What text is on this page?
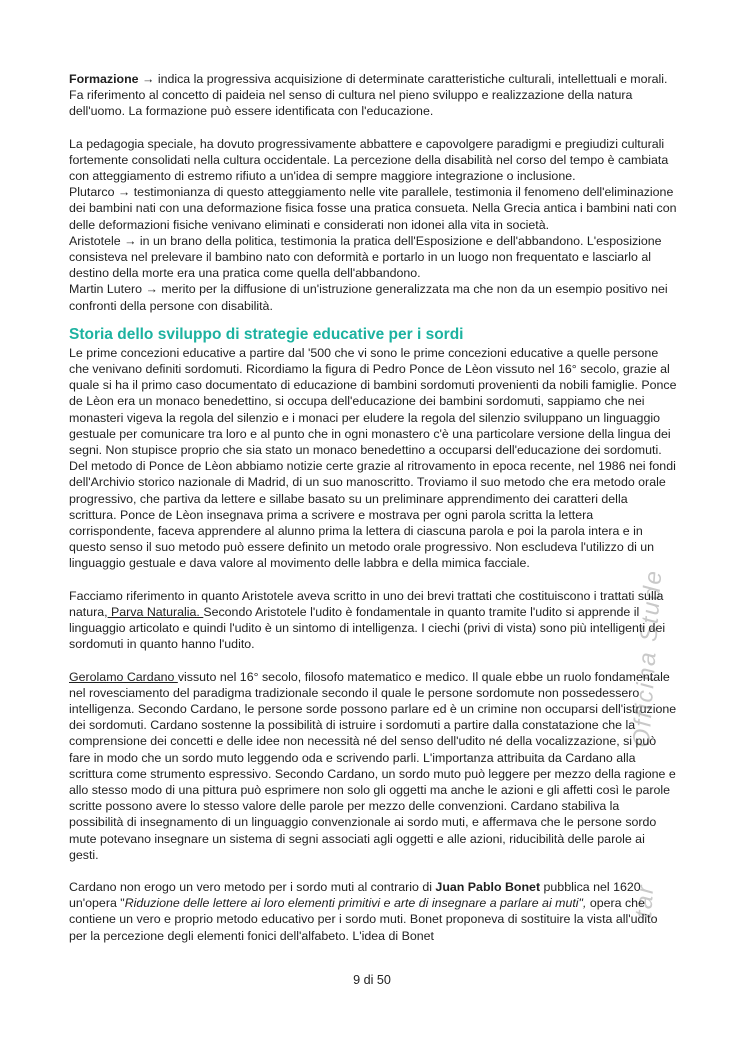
Officina Stude
tar

Formazione → indica la progressiva acquisizione di determinate caratteristiche culturali, intellettuali e morali. Fa riferimento al concetto di paideia nel senso di cultura nel pieno sviluppo e realizzazione della natura dell'uomo. La formazione può essere identificata con l'educazione.

La pedagogia speciale, ha dovuto progressivamente abbattere e capovolgere paradigmi e pregiudizi culturali fortemente consolidati nella cultura occidentale. La percezione della disabilità nel corso del tempo è cambiata con atteggiamento di estremo rifiuto a un'idea di sempre maggiore integrazione o inclusione.

Plutarco → testimonianza di questo atteggiamento nelle vite parallele, testimonia il fenomeno dell'eliminazione dei bambini nati con una deformazione fisica fosse una pratica consueta. Nella Grecia antica i bambini nati con delle deformazioni fisiche venivano eliminati e considerati non idonei alla vita in società.

Aristotele → in un brano della politica, testimonia la pratica dell'Esposizione e dell'abbandono. L'esposizione consisteva nel prelevare il bambino nato con deformità e portarlo in un luogo non frequentato e lasciarlo al destino della morte era una pratica come quella dell'abbandono.

Martin Lutero → merito per la diffusione di un'istruzione generalizzata ma che non da un esempio positivo nei confronti della persone con disabilità.

Storia dello sviluppo di strategie educative per i sordi

Le prime concezioni educative a partire dal '500 che vi sono le prime concezioni educative a quelle persone che venivano definiti sordomuti. Ricordiamo la figura di Pedro Ponce de Lèon vissuto nel 16° secolo, grazie al quale si ha il primo caso documentato di educazione di bambini sordomuti provenienti da nobili famiglie. Ponce de Lèon era un monaco benedettino, si occupa dell'educazione dei bambini sordomuti, sappiamo che nei monasteri vigeva la regola del silenzio e i monaci per eludere la regola del silenzio sviluppano un linguaggio gestuale per comunicare tra loro e al punto che in ogni monastero c'è una particolare versione della lingua dei segni. Non stupisce proprio che sia stato un monaco benedettino a occuparsi dell'educazione dei sordomuti. Del metodo di Ponce de Lèon abbiamo notizie certe grazie al ritrovamento in epoca recente, nel 1986 nei fondi dell'Archivio storico nazionale di Madrid, di un suo manoscritto. Troviamo il suo metodo che era metodo orale progressivo, che partiva da lettere e sillabe basato su un preliminare apprendimento dei caratteri della scrittura. Ponce de Lèon insegnava prima a scrivere e mostrava per ogni parola scritta la lettera corrispondente, faceva apprendere al alunno prima la lettera di ciascuna parola e poi la parola intera e in questo senso il suo metodo può essere definito un metodo orale progressivo. Non escludeva l'utilizzo di un linguaggio gestuale e dava valore al movimento delle labbra e della mimica facciale.

Facciamo riferimento in quanto Aristotele aveva scritto in uno dei brevi trattati che costituiscono i trattati sulla natura, Parva Naturalia. Secondo Aristotele l'udito è fondamentale in quanto tramite l'udito si apprende il linguaggio articolato e quindi l'udito è un sintomo di intelligenza. I ciechi (privi di vista) sono più intelligenti dei sordomuti in quanto hanno l'udito.

Gerolamo Cardano vissuto nel 16° secolo, filosofo matematico e medico. Il quale ebbe un ruolo fondamentale nel rovesciamento del paradigma tradizionale secondo il quale le persone sordomute non possedessero intelligenza. Secondo Cardano, le persone sorde possono parlare ed è un crimine non occuparsi dell'istruzione dei sordomuti. Cardano sostenne la possibilità di istruire i sordomuti a partire dalla constatazione che la comprensione dei concetti e delle idee non necessità né del senso dell'udito né della vocalizzazione, si può fare in modo che un sordo muto leggendo oda e scrivendo parli. L'importanza attribuita da Cardano alla scrittura come strumento espressivo. Secondo Cardano, un sordo muto può leggere per mezzo della ragione e allo stesso modo di una pittura può esprimere non solo gli oggetti ma anche le azioni e gli affetti così le parole scritte possono avere lo stesso valore delle parole per mezzo delle convenzioni. Cardano stabiliva la possibilità di insegnamento di un linguaggio convenzionale ai sordo muti, e affermava che le persone sordo mute potevano insegnare un sistema di segni associati agli oggetti e alle azioni, riducibilità delle parole ai gesti.

Cardano non erogo un vero metodo per i sordo muti al contrario di Juan Pablo Bonet pubblica nel 1620 un'opera "Riduzione delle lettere ai loro elementi primitivi e arte di insegnare a parlare ai muti", opera che contiene un vero e proprio metodo educativo per i sordo muti. Bonet proponeva di sostituire la vista all'udito per la percezione degli elementi fonici dell'alfabeto. L'idea di Bonet

9 di 50
